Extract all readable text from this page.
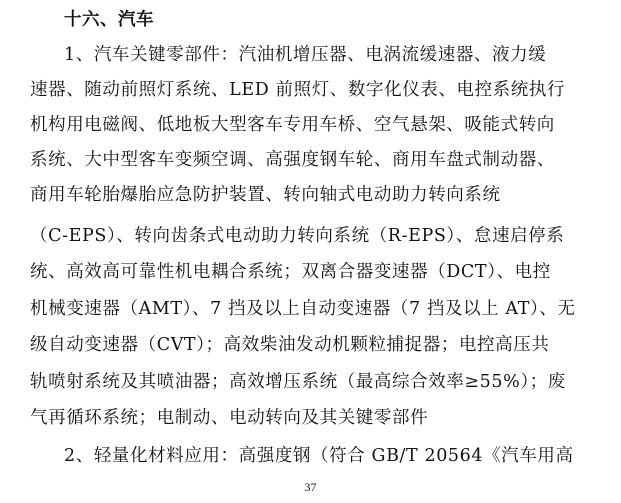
十六、汽车
1、汽车关键零部件：汽油机增压器、电涡流缓速器、液力缓
速器、随动前照灯系统、LED 前照灯、数字化仪表、电控系统执行
机构用电磁阀、低地板大型客车专用车桥、空气悬架、吸能式转向
系统、大中型客车变频空调、高强度钢车轮、商用车盘式制动器、
商用车轮胎爆胎应急防护装置、转向轴式电动助力转向系统
（C-EPS）、转向齿条式电动助力转向系统（R-EPS）、怠速启停系
统、高效高可靠性机电耦合系统；双离合器变速器（DCT）、电控
机械变速器（AMT）、7 挡及以上自动变速器（7 挡及以上 AT）、无
级自动变速器（CVT）；高效柴油发动机颗粒捕捉器；电控高压共
轨喷射系统及其喷油器；高效增压系统（最高综合效率≥55%）；废
气再循环系统；电制动、电动转向及其关键零部件
2、轻量化材料应用：高强度钢（符合 GB/T 20564《汽车用高
37
